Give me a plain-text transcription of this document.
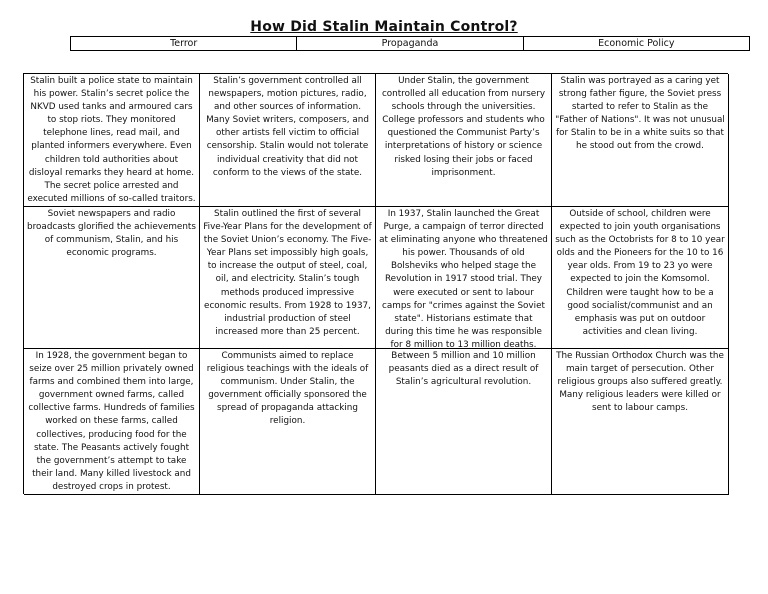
How Did Stalin Maintain Control?
Terror	Propaganda	Economic Policy
Stalin built a police state to maintain his power. Stalin’s secret police the NKVD used tanks and armoured cars to stop riots. They monitored telephone lines, read mail, and planted informers everywhere. Even children told authorities about disloyal remarks they heard at home. The secret police arrested and executed millions of so-called traitors.
Stalin’s government controlled all newspapers, motion pictures, radio, and other sources of information. Many Soviet writers, composers, and other artists fell victim to official censorship. Stalin would not tolerate individual creativity that did not conform to the views of the state.
Under Stalin, the government controlled all education from nursery schools through the universities. College professors and students who questioned the Communist Party’s interpretations of history or science risked losing their jobs or faced imprisonment.
Stalin was portrayed as a caring yet strong father figure, the Soviet press started to refer to Stalin as the "Father of Nations". It was not unusual for Stalin to be in a white suits so that he stood out from the crowd.
Soviet newspapers and radio broadcasts glorified the achievements of communism, Stalin, and his economic programs.
Stalin outlined the first of several Five-Year Plans for the development of the Soviet Union’s economy. The Five-Year Plans set impossibly high goals, to increase the output of steel, coal, oil, and electricity. Stalin’s tough methods produced impressive economic results. From 1928 to 1937, industrial production of steel increased more than 25 percent.
In 1937, Stalin launched the Great Purge, a campaign of terror directed at eliminating anyone who threatened his power. Thousands of old Bolsheviks who helped stage the Revolution in 1917 stood trial. They were executed or sent to labour camps for "crimes against the Soviet state". Historians estimate that during this time he was responsible for 8 million to 13 million deaths.
Outside of school, children were expected to join youth organisations such as the Octobrists for 8 to 10 year olds and the Pioneers for the 10 to 16 year olds. From 19 to 23 yo were expected to join the Komsomol. Children were taught how to be a good socialist/communist and an emphasis was put on outdoor activities and clean living.
In 1928, the government began to seize over 25 million privately owned farms and combined them into large, government owned farms, called collective farms. Hundreds of families worked on these farms, called collectives, producing food for the state. The Peasants actively fought the government’s attempt to take their land. Many killed livestock and destroyed crops in protest.
Communists aimed to replace religious teachings with the ideals of communism. Under Stalin, the government officially sponsored the spread of propaganda attacking religion.
Between 5 million and 10 million peasants died as a direct result of Stalin’s agricultural revolution.
The Russian Orthodox Church was the main target of persecution. Other religious groups also suffered greatly. Many religious leaders were killed or sent to labour camps.
